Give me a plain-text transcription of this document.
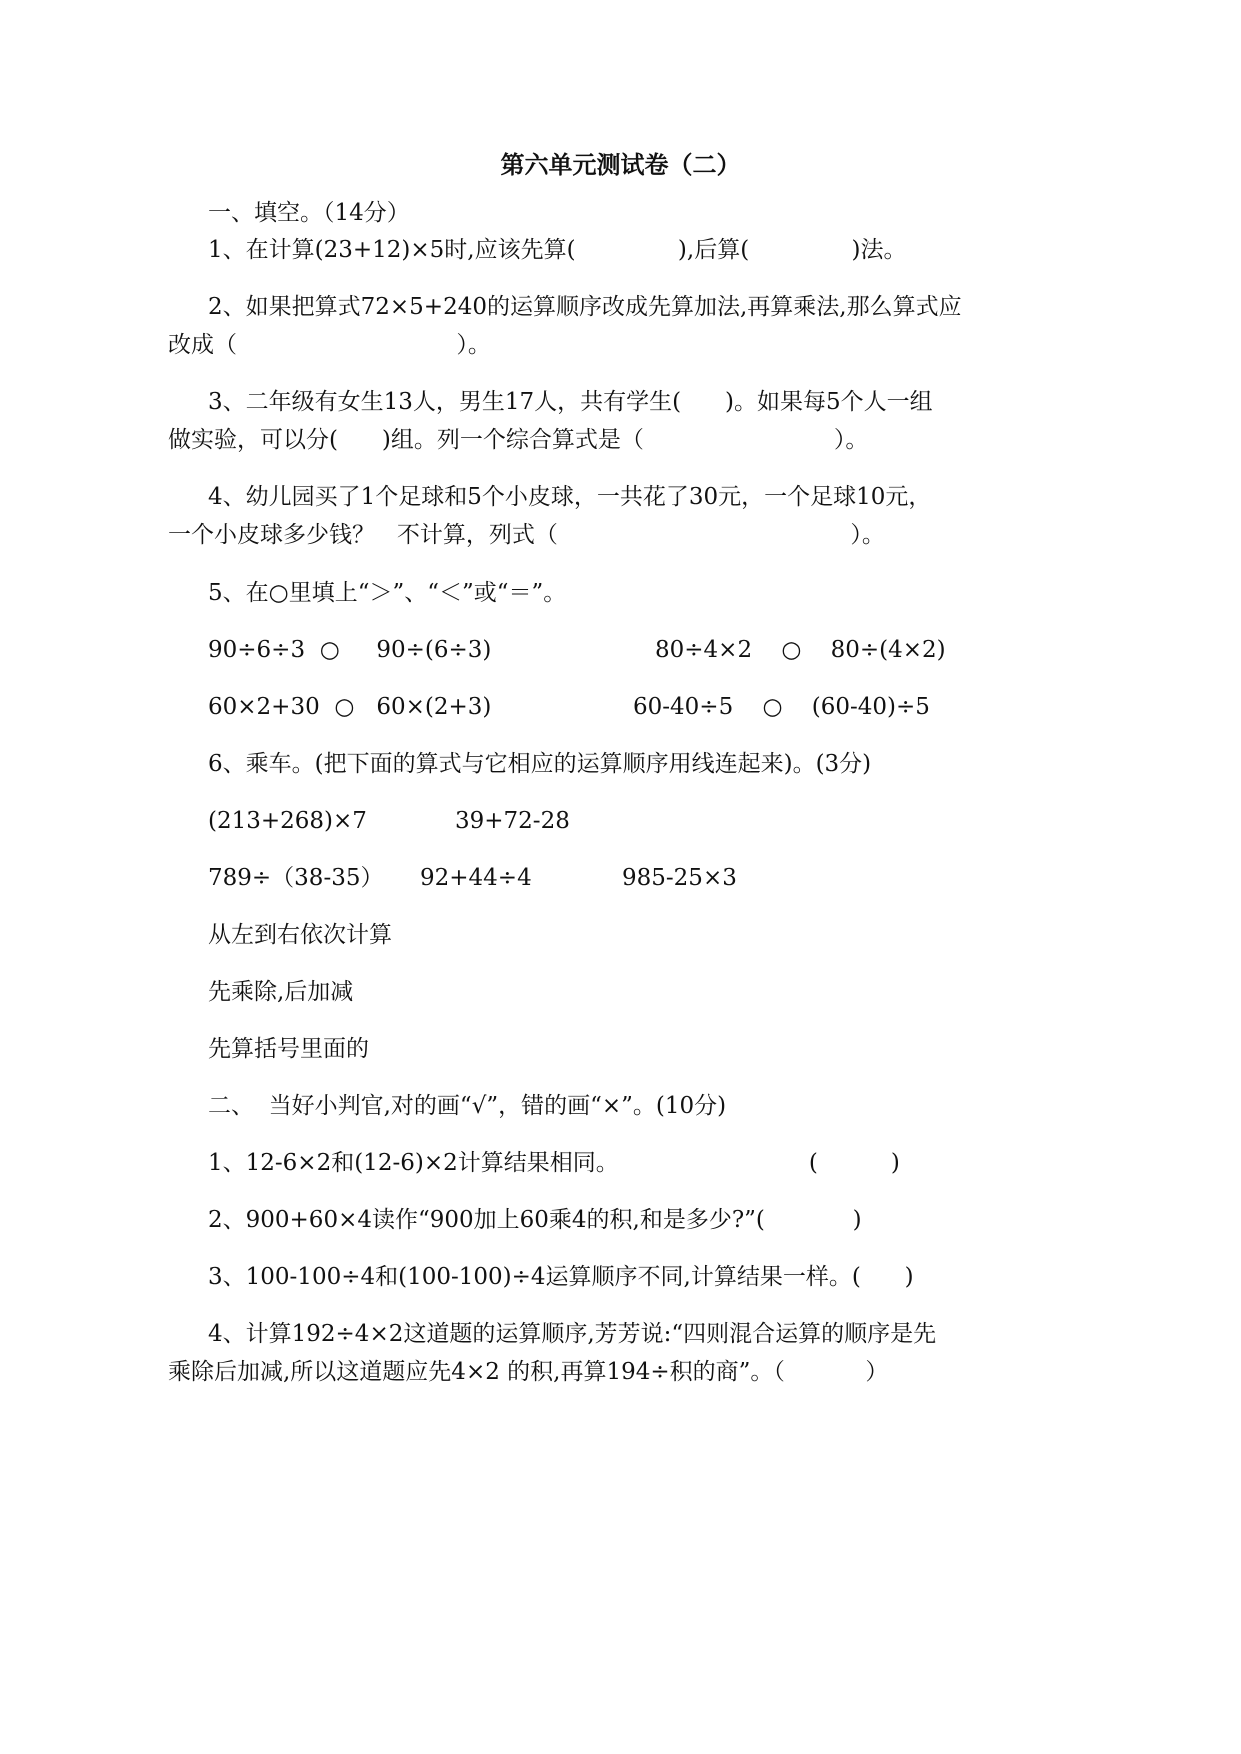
第六单元测试卷（二）
一、填空。（14分）
1、在计算(23+12)×5时,应该先算(              ),后算(              )法。
2、如果把算式72×5+240的运算顺序改成先算加法,再算乘法,那么算式应
改成（                              ）。
3、二年级有女生13人，男生17人，共有学生(      )。如果每5个人一组
做实验，可以分(      )组。列一个综合算式是（                          ）。
4、幼儿园买了1个足球和5个小皮球，一共花了30元，一个足球10元，
一个小皮球多少钱？   不计算，列式（                                        ）。
5、在○里填上“＞”、“＜”或“＝”。
90÷6÷3  ○     90÷(6÷3)	80÷4×2    ○    80÷(4×2)
60×2+30  ○   60×(2+3)	60-40÷5    ○    (60-40)÷5
6、乘车。(把下面的算式与它相应的运算顺序用线连起来)。(3分)
(213+268)×7	39+72-28
789÷（38-35） 92+44÷4	985-25×3
从左到右依次计算
先乘除,后加减
先算括号里面的
二、  当好小判官,对的画“√”，错的画“×”。(10分)
1、12-6×2和(12-6)×2计算结果相同。                          (          )
2、900+60×4读作“900加上60乘4的积,和是多少?”(            )
3、100-100÷4和(100-100)÷4运算顺序不同,计算结果一样。(      )
4、计算192÷4×2这道题的运算顺序,芳芳说:“四则混合运算的顺序是先
乘除后加减,所以这道题应先4×2 的积,再算194÷积的商”。（           ）
